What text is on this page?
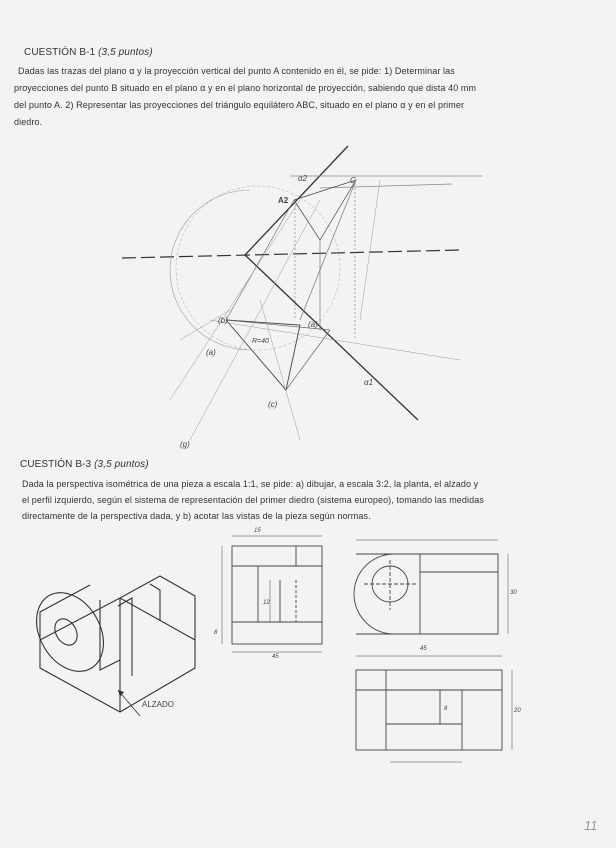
CUESTIÓN B-1 (3,5 puntos)
Dadas las trazas del plano α y la proyección vertical del punto A contenido en él, se pide: 1) Determinar las
proyecciones del punto B situado en el plano α y en el plano horizontal de proyección, sabiendo que dista 40 mm
del punto A. 2) Representar las proyecciones del triángulo equilátero ABC, situado en el plano α y en el primer
diedro.
α2
A2
C
α1
(b)
(a)
(c)
(a)
(g)
R=40
CUESTIÓN B-3 (3,5 puntos)
Dada la perspectiva isométrica de una pieza a escala 1:1, se pide: a) dibujar, a escala 3:2, la planta, el alzado y
el perfil izquierdo, según el sistema de representación del primer diedro (sistema europeo), tomando las medidas
directamente de la perspectiva dada, y b) acotar las vistas de la pieza según normas.
ALZADO
15
8
45
12
30
45
8	20
11
